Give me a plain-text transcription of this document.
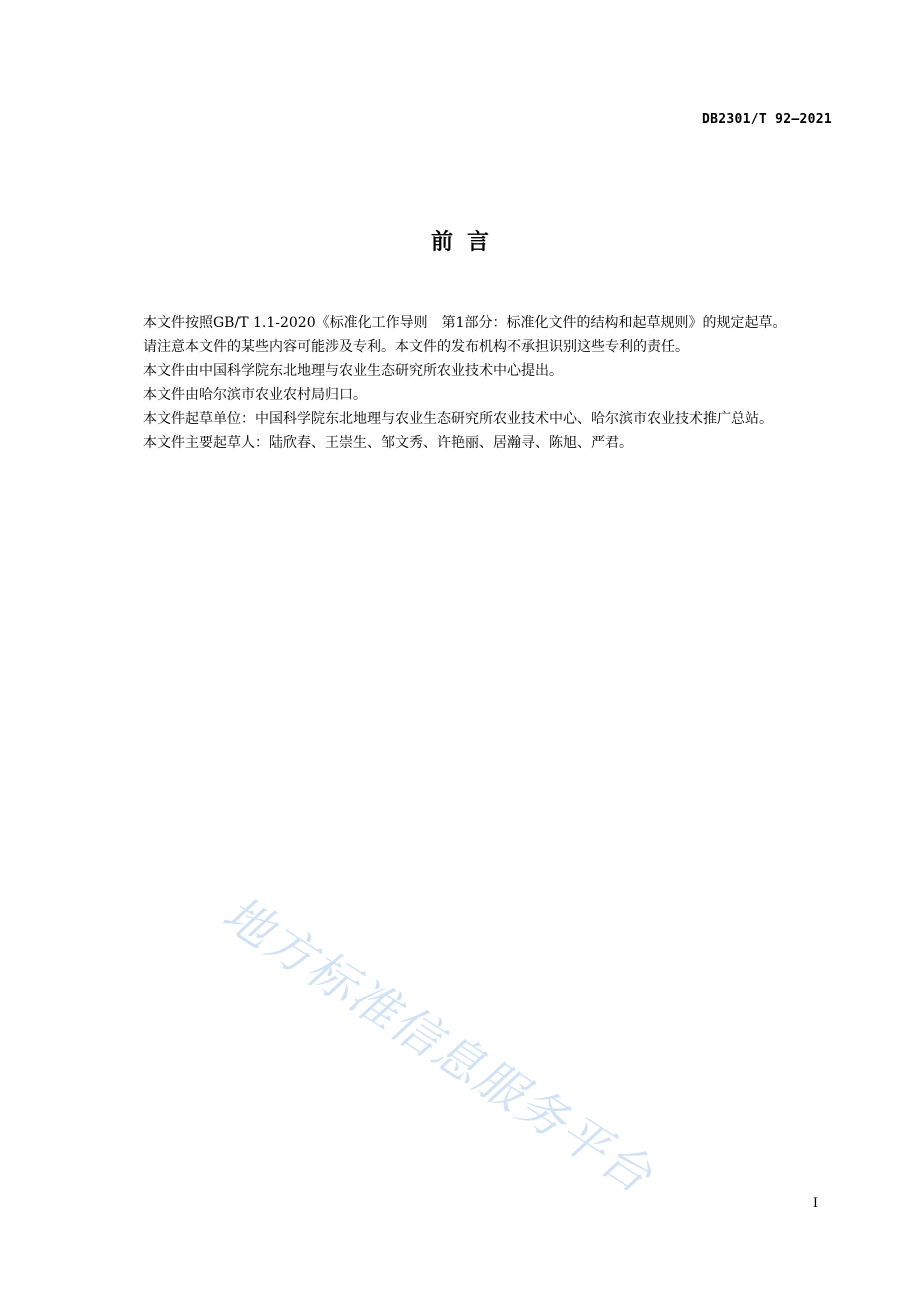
DB2301/T 92—2021
前言

本文件按照GB/T 1.1-2020《标准化工作导则　第1部分：标准化文件的结构和起草规则》的规定起草。

请注意本文件的某些内容可能涉及专利。本文件的发布机构不承担识别这些专利的责任。

本文件由中国科学院东北地理与农业生态研究所农业技术中心提出。

本文件由哈尔滨市农业农村局归口。

本文件起草单位：中国科学院东北地理与农业生态研究所农业技术中心、哈尔滨市农业技术推广总站。

本文件主要起草人：陆欣春、王崇生、邹文秀、许艳丽、居瀚寻、陈旭、严君。

地方标准信息服务平台	I
